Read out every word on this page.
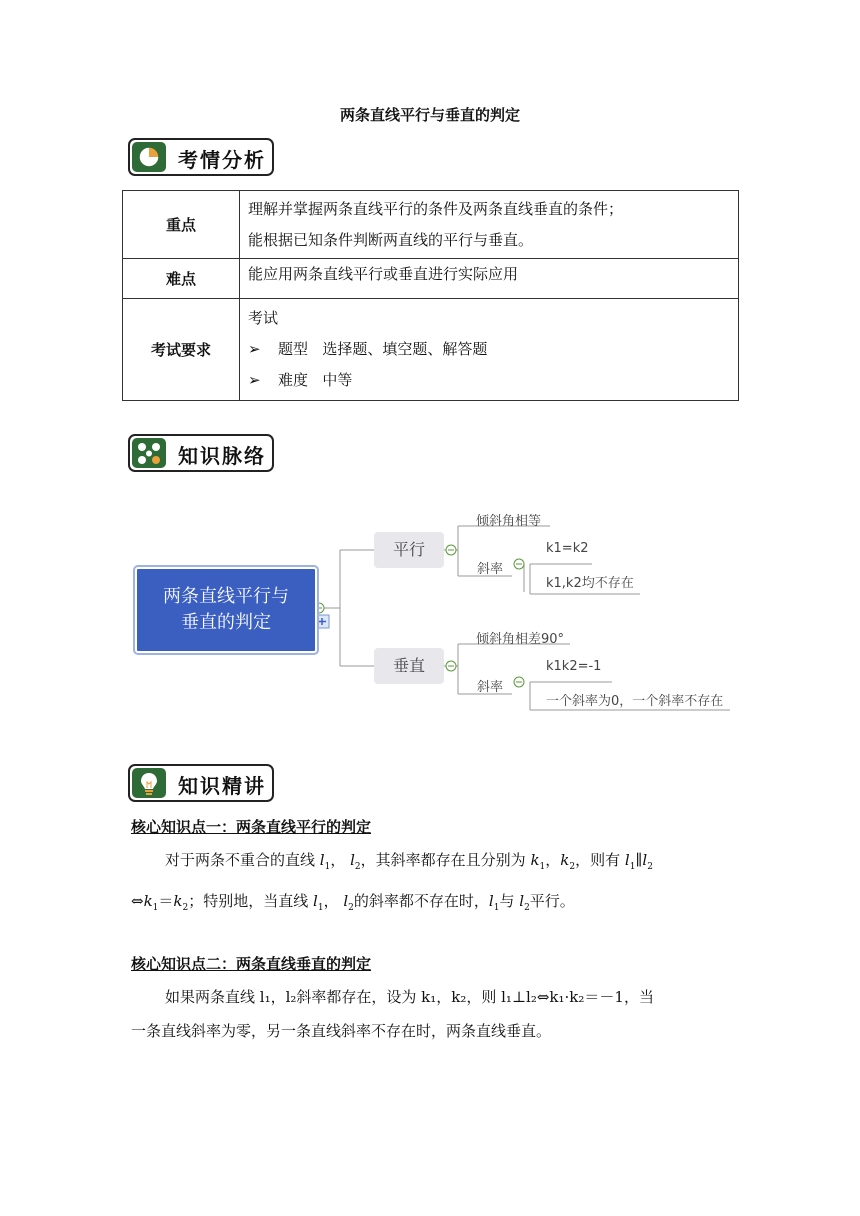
两条直线平行与垂直的判定
考情分析
重点	理解并掌握两条直线平行的条件及两条直线垂直的条件；
能根据已知条件判断两直线的平行与垂直。

难点	能应用两条直线平行或垂直进行实际应用

考试要求	考试
➢ 题型 选择题、填空题、解答题
➢ 难度 中等
知识脉络
两条直线平行与垂直的判定
平行
垂直
倾斜角相等
斜率
k1=k2
k1,k2均不存在
倾斜角相差90°
斜率
k1k2=-1
一个斜率为0，一个斜率不存在
知识精讲
核心知识点一：两条直线平行的判定
对于两条不重合的直线 $l_1$， $l_2$，其斜率都存在且分别为 $k_1$，$k_2$，则有 $l_1\parallel l_2$
$\Leftrightarrow k_1=k_2$；特别地，当直线 $l_1$， $l_2$的斜率都不存在时，$l_1$与 $l_2$平行。
核心知识点二：两条直线垂直的判定
如果两条直线 l₁，l₂斜率都存在，设为 k₁，k₂，则 l₁⊥l₂⇔k₁·k₂＝－1，当
一条直线斜率为零，另一条直线斜率不存在时，两条直线垂直。
